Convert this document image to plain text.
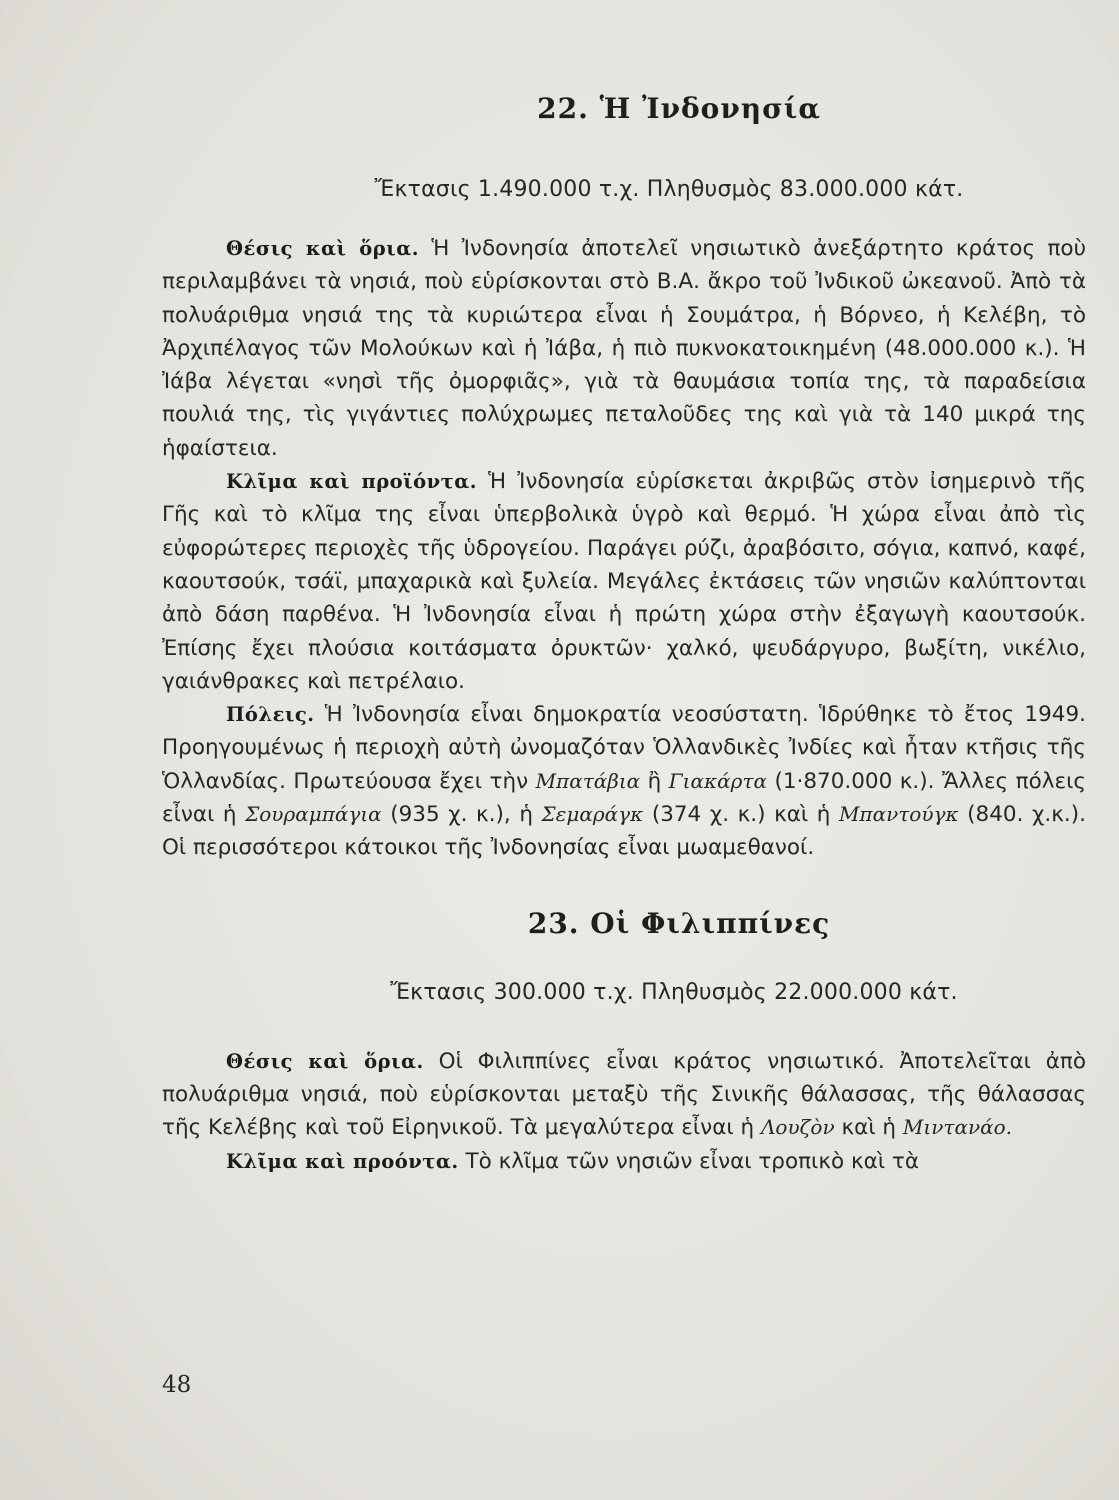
22. Ἡ Ἰνδονησία
Ἔκτασις 1.490.000 τ.χ. Πληθυσμὸς 83.000.000 κάτ.

Θέσις καὶ ὅρια. Ἡ Ἰνδονησία ἀποτελεῖ νησιωτικὸ ἀνεξάρτητο κράτος ποὺ περιλαμβάνει τὰ νησιά, ποὺ εὑρίσκονται στὸ Β.Α. ἄκρο τοῦ Ἰνδικοῦ ὠκεανοῦ. Ἀπὸ τὰ πολυάριθμα νησιά της τὰ κυριώτερα εἶναι ἡ Σουμάτρα, ἡ Βόρνεο, ἡ Κελέβη, τὸ Ἀρχιπέλαγος τῶν Μολούκων καὶ ἡ Ἰάβα, ἡ πιὸ πυκνοκατοικημένη (48.000.000 κ.). Ἡ Ἰάβα λέγεται «νησὶ τῆς ὀμορφιᾶς», γιὰ τὰ θαυμάσια τοπία της, τὰ παραδείσια πουλιά της, τὶς γιγάντιες πολύχρωμες πεταλοῦδες της καὶ γιὰ τὰ 140 μικρά της ἡφαίστεια.

Κλῖμα καὶ προϊόντα. Ἡ Ἰνδονησία εὑρίσκεται ἀκριβῶς στὸν ἰσημερινὸ τῆς Γῆς καὶ τὸ κλῖμα της εἶναι ὑπερβολικὰ ὑγρὸ καὶ θερμό. Ἡ χώρα εἶναι ἀπὸ τὶς εὐφορώτερες περιοχὲς τῆς ὑδρογείου. Παράγει ρύζι, ἀραβόσιτο, σόγια, καπνό, καφέ, καουτσούκ, τσάϊ, μπαχαρικὰ καὶ ξυλεία. Μεγάλες ἐκτάσεις τῶν νησιῶν καλύπτονται ἀπὸ δάση παρθένα. Ἡ Ἰνδονησία εἶναι ἡ πρώτη χώρα στὴν ἐξαγωγὴ καουτσούκ. Ἐπίσης ἔχει πλούσια κοιτάσματα ὀρυκτῶν· χαλκό, ψευδάργυρο, βωξίτη, νικέλιο, γαιάνθρακες καὶ πετρέλαιο.

Πόλεις. Ἡ Ἰνδονησία εἶναι δημοκρατία νεοσύστατη. Ἱδρύθηκε τὸ ἔτος 1949. Προηγουμένως ἡ περιοχὴ αὐτὴ ὠνομαζόταν Ὁλλανδικὲς Ἰνδίες καὶ ἦταν κτῆσις τῆς Ὁλλανδίας. Πρωτεύουσα ἔχει τὴν Μπατάβια ἢ Γιακάρτα (1·870.000 κ.). Ἄλλες πόλεις εἶναι ἡ Σουραμπάγια (935 χ. κ.), ἡ Σεμαράγκ (374 χ. κ.) καὶ ἡ Μπαντούγκ (840. χ.κ.). Οἱ περισσότεροι κάτοικοι τῆς Ἰνδονησίας εἶναι μωαμεθανοί.

23. Οἱ Φιλιππίνες
Ἔκτασις 300.000 τ.χ. Πληθυσμὸς 22.000.000 κάτ.

Θέσις καὶ ὅρια. Οἱ Φιλιππίνες εἶναι κράτος νησιωτικό. Ἀποτελεῖται ἀπὸ πολυάριθμα νησιά, ποὺ εὑρίσκονται μεταξὺ τῆς Σινικῆς θάλασσας, τῆς θάλασσας τῆς Κελέβης καὶ τοῦ Εἰρηνικοῦ. Τὰ μεγαλύτερα εἶναι ἡ Λουζὸν καὶ ἡ Μιντανάο.

Κλῖμα καὶ προόντα. Τὸ κλῖμα τῶν νησιῶν εἶναι τροπικὸ καὶ τὰ

48
